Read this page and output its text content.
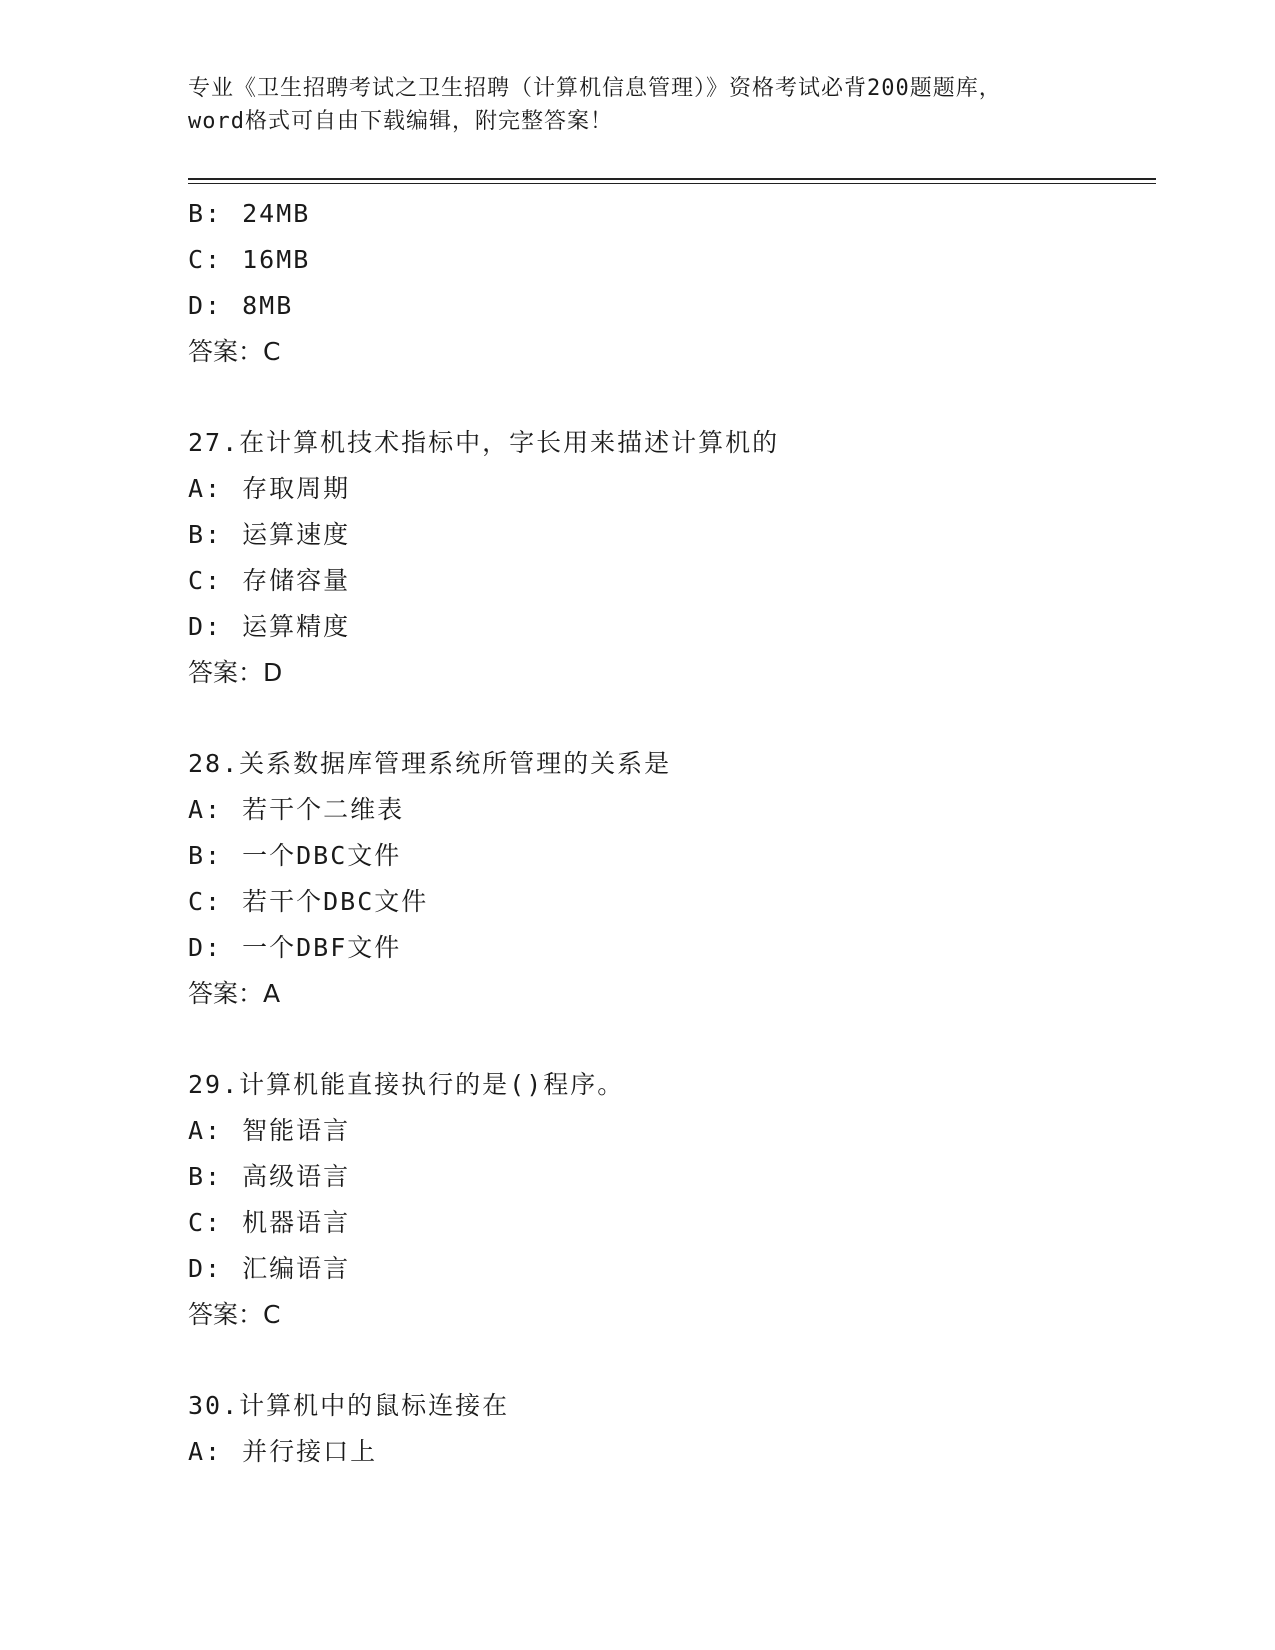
专业《卫生招聘考试之卫生招聘（计算机信息管理）》资格考试必背200题题库，
word格式可自由下载编辑，附完整答案！
B: 24MB
C: 16MB
D: 8MB
答案：C
27.在计算机技术指标中，字长用来描述计算机的
A: 存取周期
B: 运算速度
C: 存储容量
D: 运算精度
答案：D
28.关系数据库管理系统所管理的关系是
A: 若干个二维表
B: 一个DBC文件
C: 若干个DBC文件
D: 一个DBF文件
答案：A
29.计算机能直接执行的是()程序。
A: 智能语言
B: 高级语言
C: 机器语言
D: 汇编语言
答案：C
30.计算机中的鼠标连接在
A: 并行接口上
